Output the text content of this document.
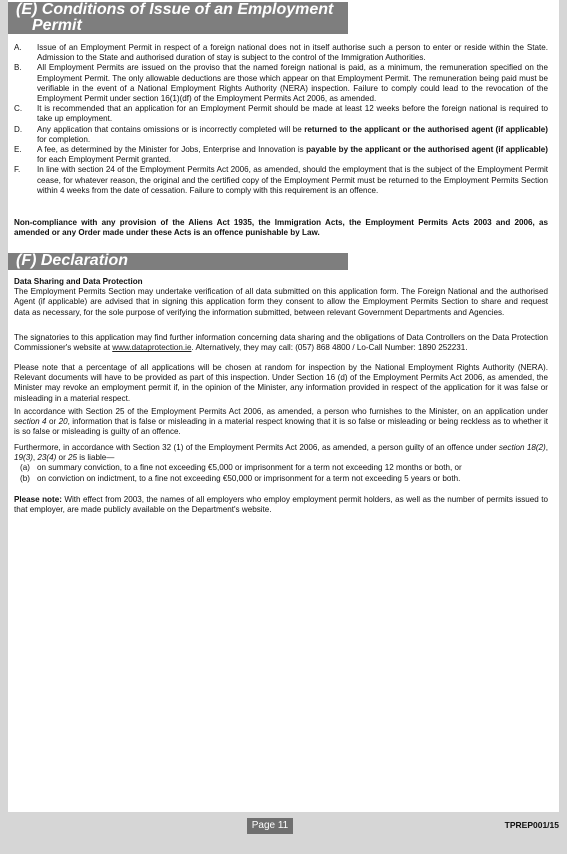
(E) Conditions of Issue of an Employment
Permit
A. Issue of an Employment Permit in respect of a foreign national does not in itself authorise such a person to enter or reside within the State. Admission to the State and authorised duration of stay is subject to the control of the Immigration Authorities.
B. All Employment Permits are issued on the proviso that the named foreign national is paid, as a minimum, the remuneration specified on the Employment Permit. The only allowable deductions are those which appear on that Employment Permit. The remuneration being paid must be verifiable in the event of a National Employment Rights Authority (NERA) inspection. Failure to comply could lead to the revocation of the Employment Permit under section 16(1)(df) of the Employment Permits Act 2006, as amended.
C. It is recommended that an application for an Employment Permit should be made at least 12 weeks before the foreign national is required to take up employment.
D. Any application that contains omissions or is incorrectly completed will be returned to the applicant or the authorised agent (if applicable) for completion.
E. A fee, as determined by the Minister for Jobs, Enterprise and Innovation is payable by the applicant or the authorised agent (if applicable) for each Employment Permit granted.
F. In line with section 24 of the Employment Permits Act 2006, as amended, should the employment that is the subject of the Employment Permit cease, for whatever reason, the original and the certified copy of the Employment Permit must be returned to the Employment Permits Section within 4 weeks from the date of cessation. Failure to comply with this requirement is an offence.
Non-compliance with any provision of the Aliens Act 1935, the Immigration Acts, the Employment Permits Acts 2003 and 2006, as amended or any Order made under these Acts is an offence punishable by Law.
(F) Declaration

Data Sharing and Data Protection

The Employment Permits Section may undertake verification of all data submitted on this application form. The Foreign National and the authorised Agent (if applicable) are advised that in signing this application form they consent to allow the Employment Permits Section to share and request data as necessary, for the sole purpose of verifying the information submitted, between relevant Government Departments and Agencies.

The signatories to this application may find further information concerning data sharing and the obligations of Data Controllers on the Data Protection Commissioner's website at www.dataprotection.ie. Alternatively, they may call: (057) 868 4800 / Lo-Call Number: 1890 252231.
Please note that a percentage of all applications will be chosen at random for inspection by the National Employment Rights Authority (NERA). Relevant documents will have to be provided as part of this inspection. Under Section 16 (d) of the Employment Permits Act 2006, as amended, the Minister may revoke an employment permit if, in the opinion of the Minister, any information provided in respect of the application for it was false or misleading in a material respect.
In accordance with Section 25 of the Employment Permits Act 2006, as amended, a person who furnishes to the Minister, on an application under section 4 or 20, information that is false or misleading in a material respect knowing that it is so false or misleading or being reckless as to whether it is so false or misleading is guilty of an offence.
Furthermore, in accordance with Section 32 (1) of the Employment Permits Act 2006, as amended, a person guilty of an offence under section 18(2), 19(3), 23(4) or 25 is liable—
(a) on summary conviction, to a fine not exceeding €5,000 or imprisonment for a term not exceeding 12 months or both, or
(b) on conviction on indictment, to a fine not exceeding €50,000 or imprisonment for a term not exceeding 5 years or both.
Please note: With effect from 2003, the names of all employers who employ employment permit holders, as well as the number of permits issued to that employer, are made publicly available on the Department's website.
Page 11	TPREP001/15
